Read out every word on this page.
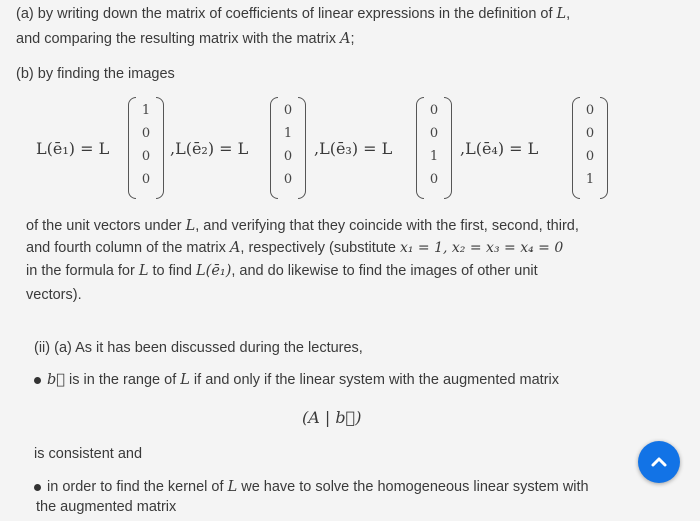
(a) by writing down the matrix of coefficients of linear expressions in the definition of L,
and comparing the resulting matrix with the matrix A;
(b) by finding the images
L(ē₁) = L
1
0
0
0
,L(ē₂) = L
0
1
0
0
,L(ē₃) = L
0
0
1
0
,L(ē₄) = L
0
0
0
1
of the unit vectors under L, and verifying that they coincide with the first, second, third,
and fourth column of the matrix A, respectively (substitute x₁ = 1, x₂ = x₃ = x₄ = 0
in the formula for L to find L(ē₁), and do likewise to find the images of other unit
vectors).
(ii) (a) As it has been discussed during the lectures,
b⃗ is in the range of L if and only if the linear system with the augmented matrix
(A | b⃗)
is consistent and
in order to find the kernel of L we have to solve the homogeneous linear system with
the augmented matrix
